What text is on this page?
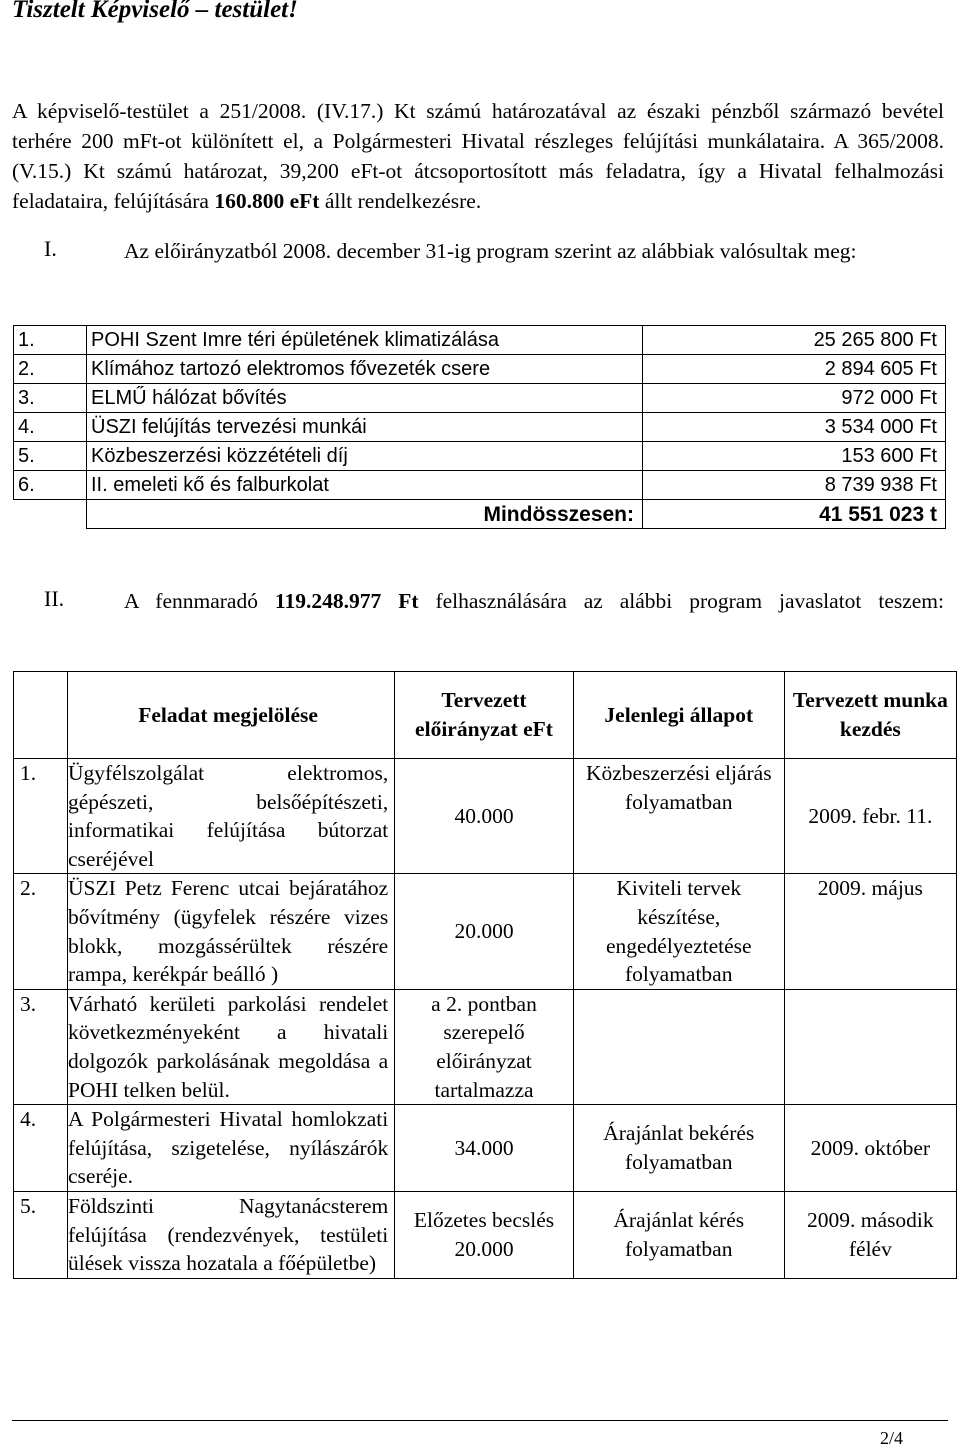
Tisztelt Képviselő – testület!

A képviselő-testület a 251/2008. (IV.17.) Kt számú határozatával az északi pénzből származó bevétel terhére 200 mFt-ot különített el, a Polgármesteri Hivatal részleges felújítási munkálataira. A 365/2008. (V.15.) Kt számú határozat, 39,200 eFt-ot átcsoportosított más feladatra, így a Hivatal felhalmozási feladataira, felújítására 160.800 eFt állt rendelkezésre.

I.	Az előirányzatból 2008. december 31-ig program szerint az alábbiak valósultak meg:
1.	POHI Szent Imre téri épületének klimatizálása	25 265 800 Ft
2.	Klímához tartozó elektromos fővezeték csere	2 894 605 Ft
3.	ELMŰ hálózat bővítés	972 000 Ft
4.	ÜSZI felújítás tervezési munkái	3 534 000 Ft
5.	Közbeszerzési közzétételi díj	153 600 Ft
6.	II. emeleti kő és falburkolat	8 739 938 Ft
	Mindösszesen:	41 551 023 t
II.	A fennmaradó 119.248.977 Ft felhasználására az alábbi program javaslatot teszem:
	Feladat megjelölése	Tervezett előirányzat eFt	Jelenlegi állapot	Tervezett munka kezdés
1.	Ügyfélszolgálat elektromos, gépészeti, belsőépítészeti, informatikai felújítása bútorzat cseréjével	40.000	Közbeszerzési eljárás folyamatban	2009. febr. 11.
2.	ÜSZI Petz Ferenc utcai bejáratához bővítmény (ügyfelek részére vizes blokk, mozgássérültek részére rampa, kerékpár beálló )	20.000	Kiviteli tervek készítése, engedélyeztetése folyamatban	2009. május
3.	Várható kerületi parkolási rendelet következményeként a hivatali dolgozók parkolásának megoldása a POHI telken belül.	a 2. pontban szerepelő előirányzat tartalmazza		
4.	A Polgármesteri Hivatal homlokzati felújítása, szigetelése, nyílászárók cseréje.	34.000	Árajánlat bekérés folyamatban	2009. október
5.	Földszinti Nagytanácsterem felújítása (rendezvények, testületi ülések vissza hozatala a főépületbe)	Előzetes becslés 20.000	Árajánlat kérés folyamatban	2009. második félév
2/4
